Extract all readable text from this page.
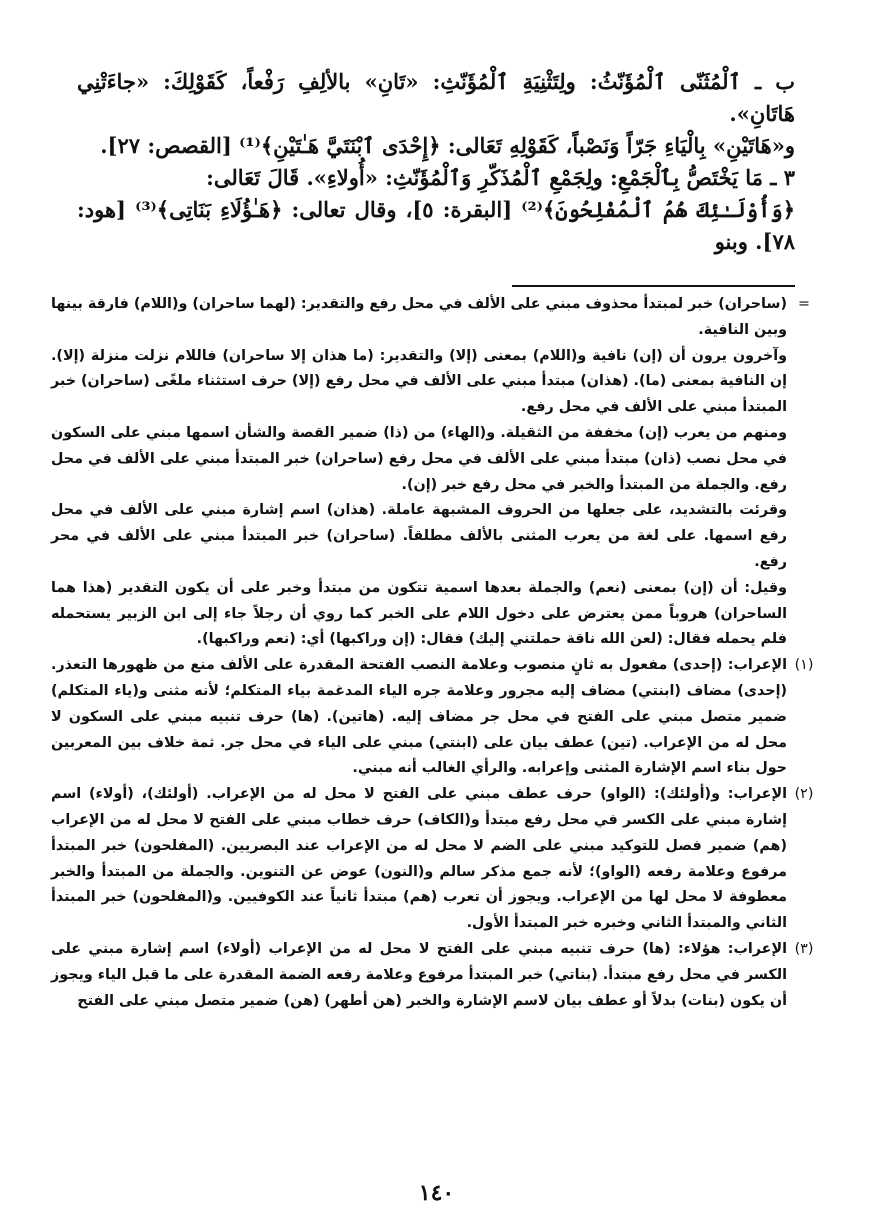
ب ـ ٱلْمُثَنّى ٱلْمُؤَنّثُ: ولِتَثْنِيَةِ ٱلْمُؤَنّثِ: «تَانِ» بالألِفِ رَفْعاً، كَقَوْلِكَ: «جاءَتْنِي هَاتَانِ».

و«هَاتَيْنِ» بِالْيَاءِ جَرّاً وَنَصْباً، كَقَوْلِهِ تَعَالى: ﴿إِحْدَى ٱبْنَتَيَّ هَـٰتَيْنِ﴾⁽¹⁾ [القصص: ٢٧].

٣ ـ مَا يَخْتَصُّ بِٱلْجَمْعِ: ولِجَمْعِ ٱلْمُذَكّرِ وَٱلْمُؤَنّثِ: «أُولاءِ». قَالَ تَعَالى:

﴿وَأُوْلَـٰئِكَ هُمُ ٱلْمُفْلِحُونَ﴾⁽²⁾ [البقرة: ٥]، وقال تعالى: ﴿هَـٰؤُلَاءِ بَنَاتِى﴾⁽³⁾ [هود: ٧٨]. وبنو

=

(ساحران) خبر لمبتدأ محذوف مبني على الألف في محل رفع والتقدير: (لهما ساحران) و(اللام) فارقة بينها وبين النافية.

وآخرون يرون أن (إن) نافية و(اللام) بمعنى (إلا) والتقدير: (ما هذان إلا ساحران) فاللام نزلت منزلة (إلا). إن النافية بمعنى (ما). (هذان) مبتدأ مبني على الألف في محل رفع (إلا) حرف استثناء ملغًى (ساحران) خبر المبتدأ مبني على الألف في محل رفع.

ومنهم من يعرب (إن) مخففة من الثقيلة. و(الهاء) من (ذا) ضمير القصة والشأن اسمها مبني على السكون في محل نصب (ذان) مبتدأ مبني على الألف في محل رفع (ساحران) خبر المبتدأ مبني على الألف في محل رفع. والجملة من المبتدأ والخبر في محل رفع خبر (إن).

وقرئت بالتشديد، على جعلها من الحروف المشبهة عاملة. (هذان) اسم إشارة مبني على الألف في محل رفع اسمها. على لغة من يعرب المثنى بالألف مطلقاً. (ساحران) خبر المبتدأ مبني على الألف في محر رفع.

وقيل: أن (إن) بمعنى (نعم) والجملة بعدها اسمية تتكون من مبتدأ وخبر على أن يكون التقدير (هذا هما الساحران) هروباً ممن يعترض على دخول اللام على الخبر كما روي أن رجلاً جاء إلى ابن الزبير يستحمله فلم يحمله فقال: (لعن الله ناقة حملتني إليك) فقال: (إن وراكبها) أي: (نعم وراكبها).

(١)

الإعراب: (إحدى) مفعول به ثانٍ منصوب وعلامة النصب الفتحة المقدرة على الألف منع من ظهورها التعذر. (إحدى) مضاف (ابنتي) مضاف إليه مجرور وعلامة جره الياء المدغمة بياء المتكلم؛ لأنه مثنى و(ياء المتكلم) ضمير متصل مبني على الفتح في محل جر مضاف إليه. (هاتين). (ها) حرف تنبيه مبني على السكون لا محل له من الإعراب. (تين) عطف بيان على (ابنتي) مبني على الياء في محل جر. ثمة خلاف بين المعربين حول بناء اسم الإشارة المثنى وإعرابه. والرأي الغالب أنه مبني.

(٢)

الإعراب: و(أولئك): (الواو) حرف عطف مبني على الفتح لا محل له من الإعراب. (أولئك)، (أولاء) اسم إشارة مبني على الكسر في محل رفع مبتدأ و(الكاف) حرف خطاب مبني على الفتح لا محل له من الإعراب (هم) ضمير فصل للتوكيد مبني على الضم لا محل له من الإعراب عند البصريين. (المفلحون) خبر المبتدأ مرفوع وعلامة رفعه (الواو)؛ لأنه جمع مذكر سالم و(النون) عوض عن التنوين. والجملة من المبتدأ والخبر معطوفة لا محل لها من الإعراب. ويجوز أن تعرب (هم) مبتدأ ثانياً عند الكوفيين. و(المفلحون) خبر المبتدأ الثاني والمبتدأ الثاني وخبره خبر المبتدأ الأول.

(٣)

الإعراب: هؤلاء: (ها) حرف تنبيه مبني على الفتح لا محل له من الإعراب (أولاء) اسم إشارة مبني على الكسر في محل رفع مبتدأ. (بناتي) خبر المبتدأ مرفوع وعلامة رفعه الضمة المقدرة على ما قبل الياء ويجوز أن يكون (بنات) بدلاً أو عطف بيان لاسم الإشارة والخبر (هن أطهر) (هن) ضمير متصل مبني على الفتح

١٤٠
